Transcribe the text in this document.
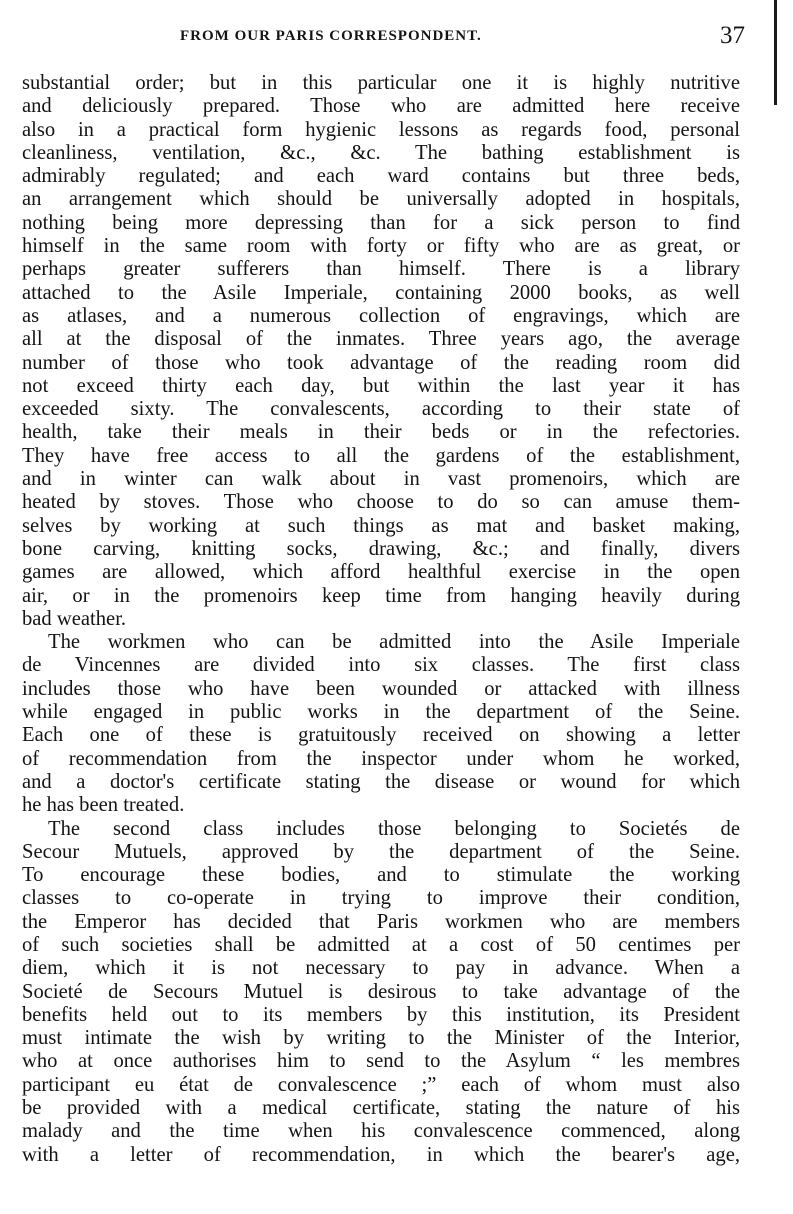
FROM OUR PARIS CORRESPONDENT.	37
substantial order; but in this particular one it is highly nutritive
and deliciously prepared. Those who are admitted here receive
also in a practical form hygienic lessons as regards food, personal
cleanliness, ventilation, &c., &c. The bathing establishment is
admirably regulated; and each ward contains but three beds,
an arrangement which should be universally adopted in hospitals,
nothing being more depressing than for a sick person to find
himself in the same room with forty or fifty who are as great, or
perhaps greater sufferers than himself. There is a library
attached to the Asile Imperiale, containing 2000 books, as well
as atlases, and a numerous collection of engravings, which are
all at the disposal of the inmates. Three years ago, the average
number of those who took advantage of the reading room did
not exceed thirty each day, but within the last year it has
exceeded sixty. The convalescents, according to their state of
health, take their meals in their beds or in the refectories.
They have free access to all the gardens of the establishment,
and in winter can walk about in vast promenoirs, which are
heated by stoves. Those who choose to do so can amuse them-
selves by working at such things as mat and basket making,
bone carving, knitting socks, drawing, &c.; and finally, divers
games are allowed, which afford healthful exercise in the open
air, or in the promenoirs keep time from hanging heavily during
bad weather.
The workmen who can be admitted into the Asile Imperiale
de Vincennes are divided into six classes. The first class
includes those who have been wounded or attacked with illness
while engaged in public works in the department of the Seine.
Each one of these is gratuitously received on showing a letter
of recommendation from the inspector under whom he worked,
and a doctor's certificate stating the disease or wound for which
he has been treated.
The second class includes those belonging to Societés de
Secour Mutuels, approved by the department of the Seine.
To encourage these bodies, and to stimulate the working
classes to co-operate in trying to improve their condition,
the Emperor has decided that Paris workmen who are members
of such societies shall be admitted at a cost of 50 centimes per
diem, which it is not necessary to pay in advance. When a
Societé de Secours Mutuel is desirous to take advantage of the
benefits held out to its members by this institution, its President
must intimate the wish by writing to the Minister of the Interior,
who at once authorises him to send to the Asylum “ les membres
participant eu état de convalescence ;” each of whom must also
be provided with a medical certificate, stating the nature of his
malady and the time when his convalescence commenced, along
with a letter of recommendation, in which the bearer's age,
